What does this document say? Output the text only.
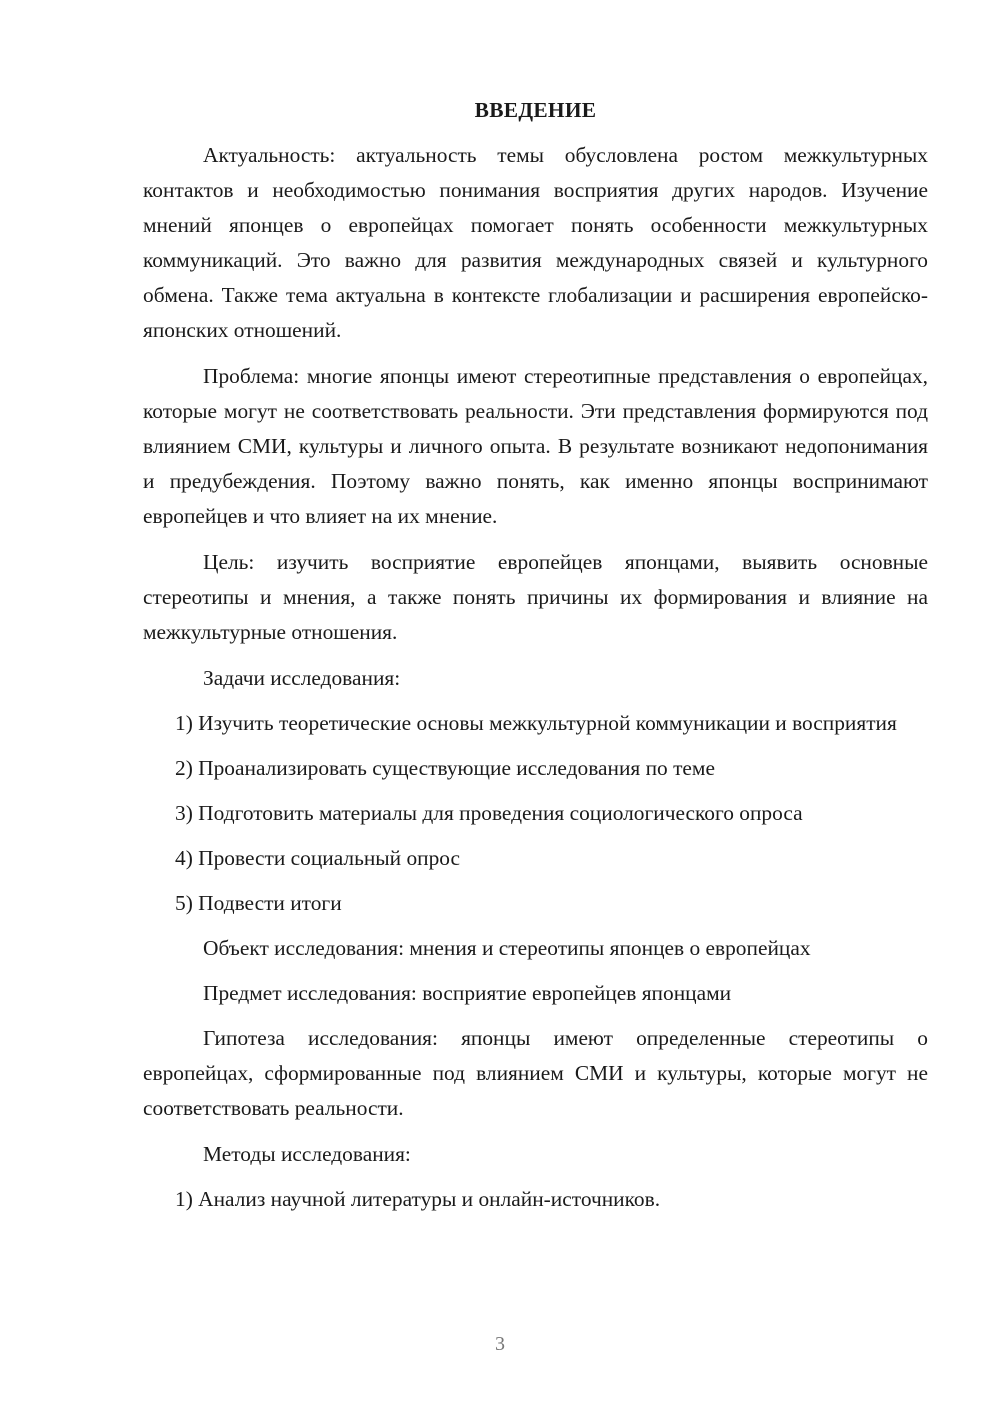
ВВЕДЕНИЕ

Актуальность: актуальность темы обусловлена ростом межкультурных контактов и необходимостью понимания восприятия других народов. Изучение мнений японцев о европейцах помогает понять особенности межкультурных коммуникаций. Это важно для развития международных связей и культурного обмена. Также тема актуальна в контексте глобализации и расширения европейско-японских отношений.

Проблема: многие японцы имеют стереотипные представления о европейцах, которые могут не соответствовать реальности. Эти представления формируются под влиянием СМИ, культуры и личного опыта. В результате возникают недопонимания и предубеждения. Поэтому важно понять, как именно японцы воспринимают европейцев и что влияет на их мнение.

Цель: изучить восприятие европейцев японцами, выявить основные стереотипы и мнения, а также понять причины их формирования и влияние на межкультурные отношения.

Задачи исследования:

1) Изучить теоретические основы межкультурной коммуникации и восприятия

2) Проанализировать существующие исследования по теме

3) Подготовить материалы для проведения социологического опроса

4) Провести социальный опрос

5) Подвести итоги

Объект исследования: мнения и стереотипы японцев о европейцах

Предмет исследования: восприятие европейцев японцами

Гипотеза исследования: японцы имеют определенные стереотипы о европейцах, сформированные под влиянием СМИ и культуры, которые могут не соответствовать реальности.

Методы исследования:

1) Анализ научной литературы и онлайн-источников.

3
